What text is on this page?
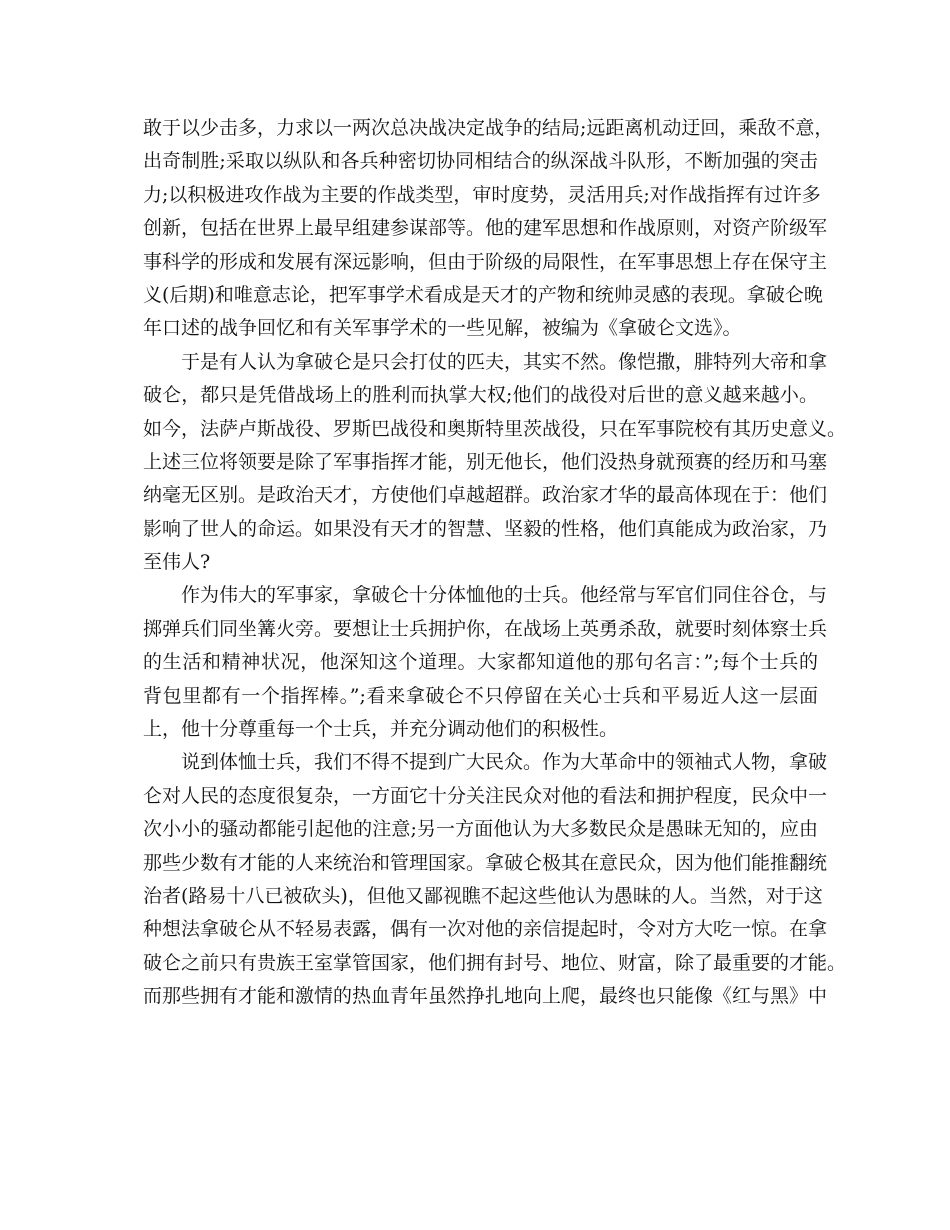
敢于以少击多，力求以一两次总决战决定战争的结局;远距离机动迂回，乘敌不意，
出奇制胜;采取以纵队和各兵种密切协同相结合的纵深战斗队形，不断加强的突击
力;以积极进攻作战为主要的作战类型，审时度势，灵活用兵;对作战指挥有过许多
创新，包括在世界上最早组建参谋部等。他的建军思想和作战原则，对资产阶级军
事科学的形成和发展有深远影响，但由于阶级的局限性，在军事思想上存在保守主
义(后期)和唯意志论，把军事学术看成是天才的产物和统帅灵感的表现。拿破仑晚
年口述的战争回忆和有关军事学术的一些见解，被编为《拿破仑文选》。
于是有人认为拿破仑是只会打仗的匹夫，其实不然。像恺撒，腓特列大帝和拿
破仑，都只是凭借战场上的胜利而执掌大权;他们的战役对后世的意义越来越小。
如今，法萨卢斯战役、罗斯巴战役和奥斯特里茨战役，只在军事院校有其历史意义。
上述三位将领要是除了军事指挥才能，别无他长，他们没热身就预赛的经历和马塞
纳毫无区别。是政治天才，方使他们卓越超群。政治家才华的最高体现在于：他们
影响了世人的命运。如果没有天才的智慧、坚毅的性格，他们真能成为政治家，乃
至伟人?
作为伟大的军事家，拿破仑十分体恤他的士兵。他经常与军官们同住谷仓，与
掷弹兵们同坐篝火旁。要想让士兵拥护你，在战场上英勇杀敌，就要时刻体察士兵
的生活和精神状况，他深知这个道理。大家都知道他的那句名言：”;每个士兵的
背包里都有一个指挥棒。”;看来拿破仑不只停留在关心士兵和平易近人这一层面
上，他十分尊重每一个士兵，并充分调动他们的积极性。
说到体恤士兵，我们不得不提到广大民众。作为大革命中的领袖式人物，拿破
仑对人民的态度很复杂，一方面它十分关注民众对他的看法和拥护程度，民众中一
次小小的骚动都能引起他的注意;另一方面他认为大多数民众是愚昧无知的，应由
那些少数有才能的人来统治和管理国家。拿破仑极其在意民众，因为他们能推翻统
治者(路易十八已被砍头)，但他又鄙视瞧不起这些他认为愚昧的人。当然，对于这
种想法拿破仑从不轻易表露，偶有一次对他的亲信提起时，令对方大吃一惊。在拿
破仑之前只有贵族王室掌管国家，他们拥有封号、地位、财富，除了最重要的才能。
而那些拥有才能和激情的热血青年虽然挣扎地向上爬，最终也只能像《红与黑》中
